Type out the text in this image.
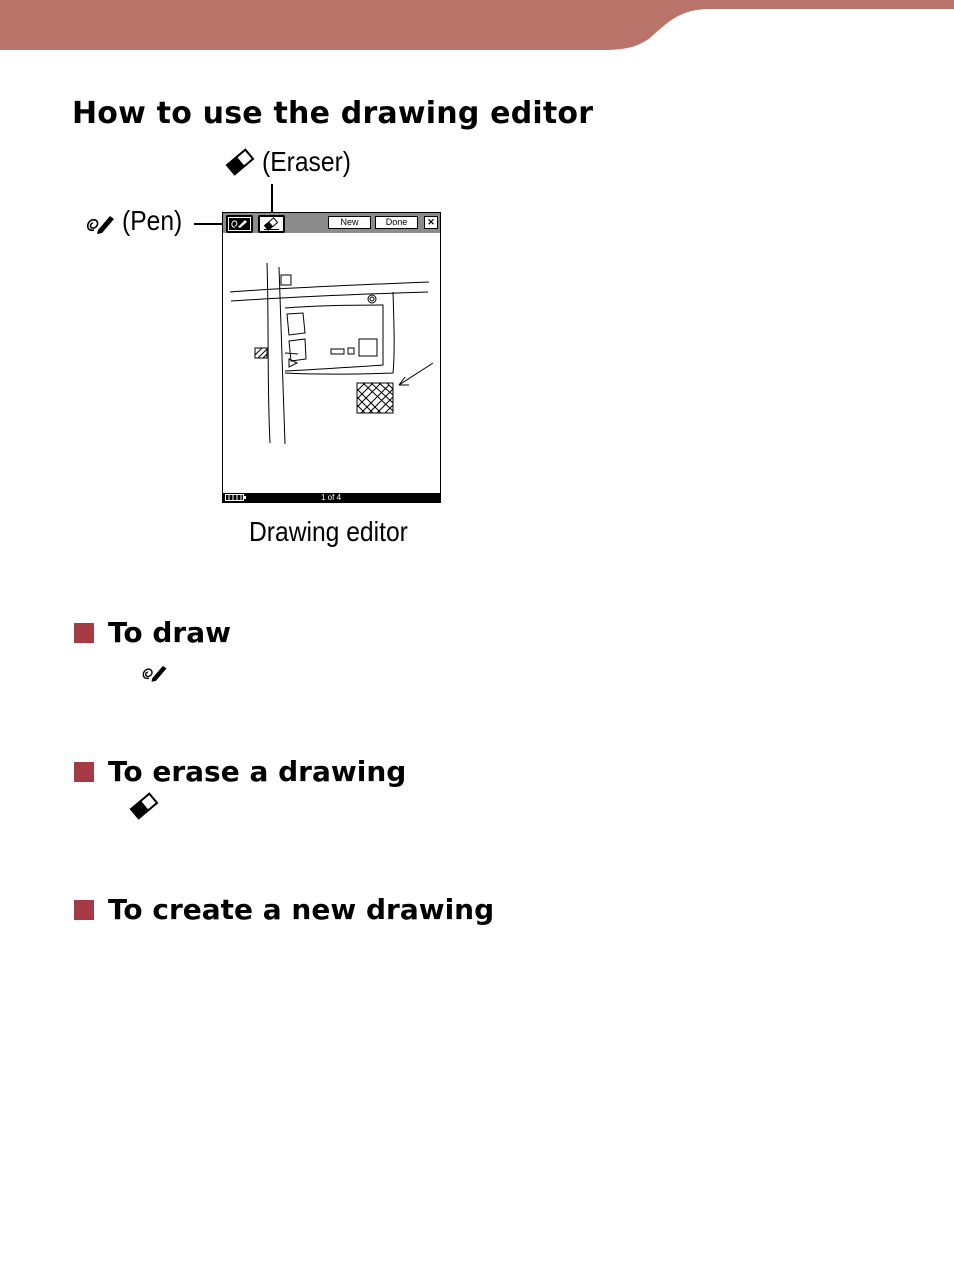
How to use the drawing editor
(Eraser)
(Pen)	New	Done	✕
1 of 4
Drawing editor
To draw
To erase a drawing
To create a new drawing
